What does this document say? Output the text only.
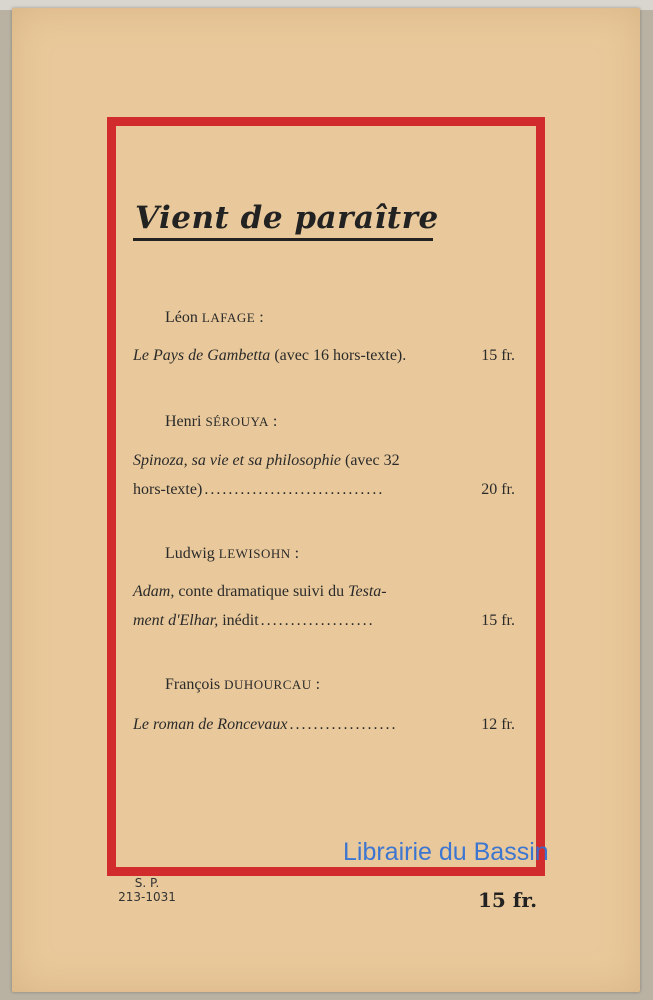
Vient de paraître
Léon LAFAGE :
Le Pays de Gambetta (avec 16 hors-texte).	15 fr.
Henri SÉROUYA :
Spinoza, sa vie et sa philosophie (avec 32
hors-texte) ..............................	20 fr.
Ludwig LEWISOHN :
Adam, conte dramatique suivi du Testa-
ment d'Elhar, inédit ...................	15 fr.
François DUHOURCAU :
Le roman de Roncevaux ..................	12 fr.
Librairie du Bassin
S. P.
213-1031	15 fr.
